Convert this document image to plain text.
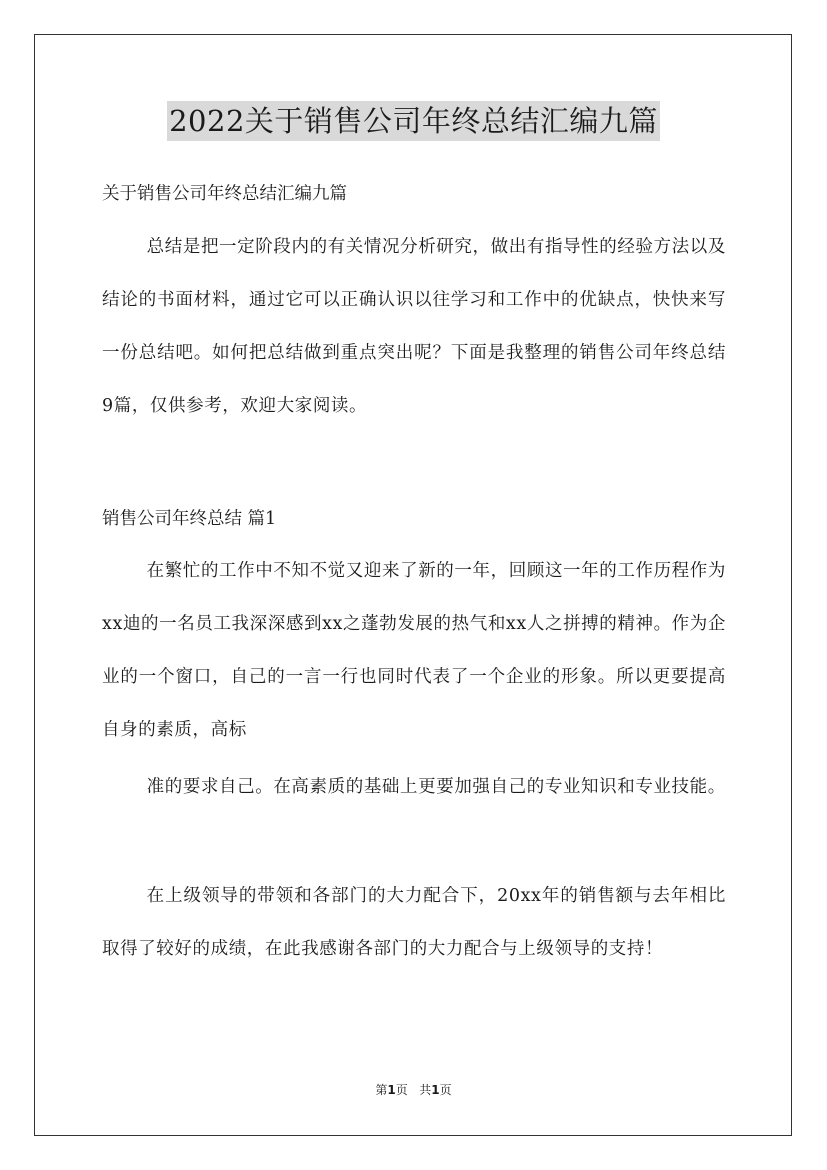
2022关于销售公司年终总结汇编九篇

关于销售公司年终总结汇编九篇

总结是把一定阶段内的有关情况分析研究，做出有指导性的经验方法以及结论的书面材料，通过它可以正确认识以往学习和工作中的优缺点，快快来写一份总结吧。如何把总结做到重点突出呢？下面是我整理的销售公司年终总结9篇，仅供参考，欢迎大家阅读。

销售公司年终总结 篇1

在繁忙的工作中不知不觉又迎来了新的一年，回顾这一年的工作历程作为xx迪的一名员工我深深感到xx之蓬勃发展的热气和xx人之拼搏的精神。作为企业的一个窗口，自己的一言一行也同时代表了一个企业的形象。所以更要提高自身的素质，高标

准的要求自己。在高素质的基础上更要加强自己的专业知识和专业技能。

在上级领导的带领和各部门的大力配合下，20xx年的销售额与去年相比取得了较好的成绩，在此我感谢各部门的大力配合与上级领导的支持！

第1页 共1页
